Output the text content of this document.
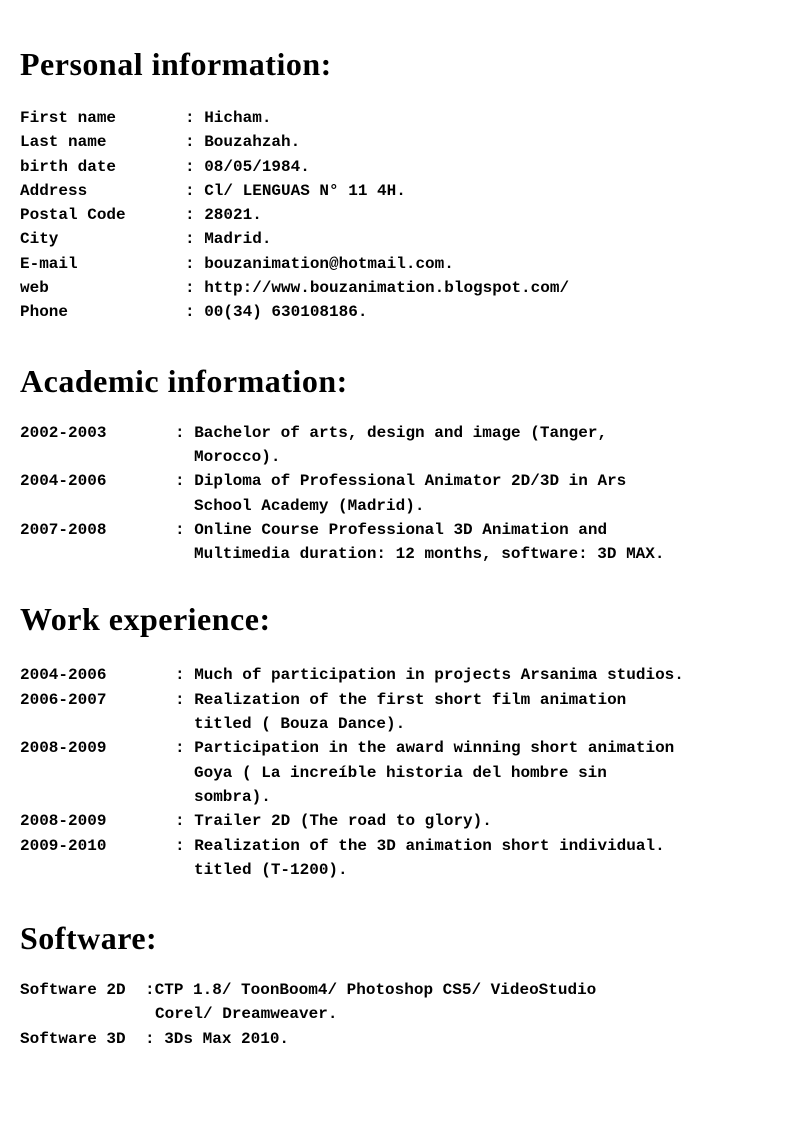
Personal information:
First name	: Hicham.
Last name	: Bouzahzah.
birth date	: 08/05/1984.
Address	: Cl/ LENGUAS N° 11 4H.
Postal Code	: 28021.
City	: Madrid.
E-mail	: bouzanimation@hotmail.com.
web	: http://www.bouzanimation.blogspot.com/
Phone	: 00(34) 630108186.
Academic information:
2002-2003	: Bachelor of arts, design and image (Tanger,
Morocco).
2004-2006	: Diploma of Professional Animator 2D/3D in Ars
School Academy (Madrid).
2007-2008	: Online Course Professional 3D Animation and
Multimedia duration: 12 months, software: 3D MAX.
Work experience:
2004-2006	: Much of participation in projects Arsanima studios.
2006-2007	: Realization of the first short film animation
titled ( Bouza Dance).
2008-2009	: Participation in the award winning short animation
Goya ( La increíble historia del hombre sin
sombra).
2008-2009	: Trailer 2D (The road to glory).
2009-2010	: Realization of the 3D animation short individual.
titled (T-1200).
Software:
Software 2D	: CTP 1.8/ ToonBoom4/ Photoshop CS5/ VideoStudio
Corel/ Dreamweaver.
Software 3D	: 3Ds Max 2010.
